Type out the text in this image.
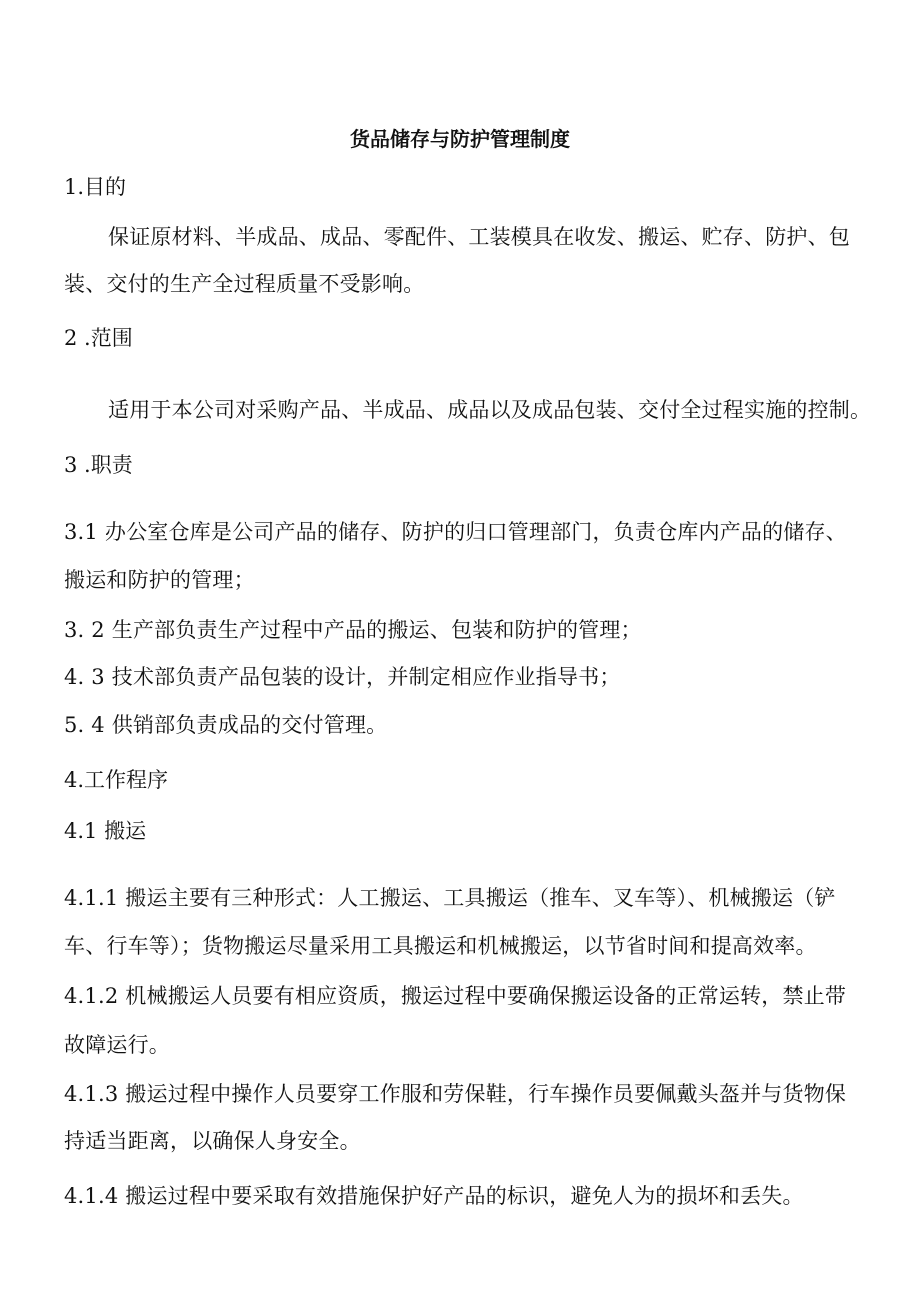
货品储存与防护管理制度

1.目的

保证原材料、半成品、成品、零配件、工装模具在收发、搬运、贮存、防护、包

装、交付的生产全过程质量不受影响。

2 .范围

适用于本公司对采购产品、半成品、成品以及成品包装、交付全过程实施的控制。

3 .职责

3.1 办公室仓库是公司产品的储存、防护的归口管理部门，负责仓库内产品的储存、

搬运和防护的管理；

3. 2 生产部负责生产过程中产品的搬运、包装和防护的管理；

4. 3 技术部负责产品包装的设计，并制定相应作业指导书；

5. 4 供销部负责成品的交付管理。

4.工作程序

4.1 搬运

4.1.1 搬运主要有三种形式：人工搬运、工具搬运（推车、叉车等）、机械搬运（铲

车、行车等）；货物搬运尽量采用工具搬运和机械搬运，以节省时间和提高效率。

4.1.2 机械搬运人员要有相应资质，搬运过程中要确保搬运设备的正常运转，禁止带

故障运行。

4.1.3 搬运过程中操作人员要穿工作服和劳保鞋，行车操作员要佩戴头盔并与货物保

持适当距离，以确保人身安全。

4.1.4 搬运过程中要采取有效措施保护好产品的标识，避免人为的损坏和丢失。
